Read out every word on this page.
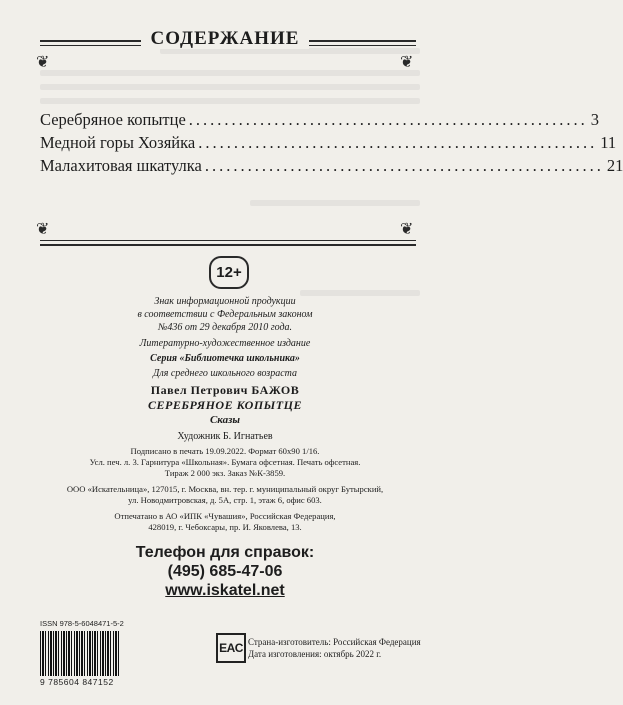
❦	❦
СОДЕРЖАНИЕ
Серебряное копытце ........................................................ 3
Медной горы Хозяйка ........................................................ 11
Малахитовая шкатулка ........................................................ 21
❦	❦
12+
Знак информационной продукции
в соответствии с Федеральным законом
№436 от 29 декабря 2010 года.
Литературно-художественное издание
Серия «Библиотечка школьника»
Для среднего школьного возраста
Павел Петрович БАЖОВ
СЕРЕБРЯНОЕ КОПЫТЦЕ
Сказы
Художник Б. Игнатьев
Подписано в печать 19.09.2022. Формат 60х90 1/16.
Усл. печ. л. 3. Гарнитура «Школьная». Бумага офсетная. Печать офсетная.
Тираж 2 000 экз. Заказ №К-3859.
ООО «Искательница», 127015, г. Москва, вн. тер. г. муниципальный округ Бутырский,
ул. Новодмитровская, д. 5А, стр. 1, этаж 6, офис 603.
Отпечатано в АО «ИПК «Чувашия», Российская Федерация,
428019, г. Чебоксары, пр. И. Яковлева, 13.
Телефон для справок:
(495) 685-47-06
www.iskatel.net
ISSN 978-5-6048471-5-2
9 785604 847152
EAC Страна-изготовитель: Российская Федерация
Дата изготовления: октябрь 2022 г.
